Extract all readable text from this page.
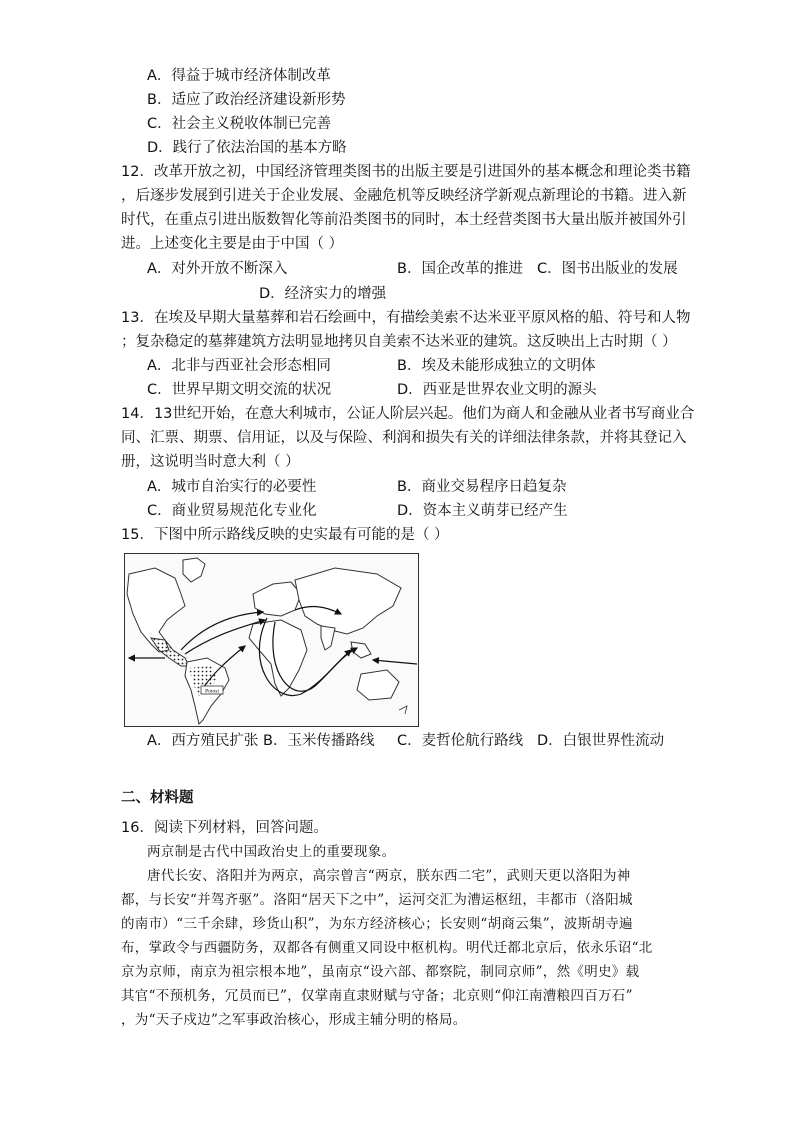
A．得益于城市经济体制改革
B．适应了政治经济建设新形势
C．社会主义税收体制已完善
D．践行了依法治国的基本方略
12．改革开放之初，中国经济管理类图书的出版主要是引进国外的基本概念和理论类书籍
，后逐步发展到引进关于企业发展、金融危机等反映经济学新观点新理论的书籍。进入新
时代，在重点引进出版数智化等前沿类图书的同时，本土经营类图书大量出版并被国外引
进。上述变化主要是由于中国（ ）
A．对外开放不断深入	B．国企改革的推进 C．图书出版业的发展
D．经济实力的增强
13．在埃及早期大量墓葬和岩石绘画中，有描绘美索不达米亚平原风格的船、符号和人物
；复杂稳定的墓葬建筑方法明显地拷贝自美索不达米亚的建筑。这反映出上古时期（ ）
A．北非与西亚社会形态相同	B．埃及未能形成独立的文明体
C．世界早期文明交流的状况	D．西亚是世界农业文明的源头
14．13世纪开始，在意大利城市，公证人阶层兴起。他们为商人和金融从业者书写商业合
同、汇票、期票、信用证，以及与保险、利润和损失有关的详细法律条款，并将其登记入
册，这说明当时意大利（ ）
A．城市自治实行的必要性	B．商业交易程序日趋复杂
C．商业贸易规范化专业化	D．资本主义萌芽已经产生
15．下图中所示路线反映的史实最有可能的是（ ）
Potosí
A．西方殖民扩张 B．玉米传播路线 C．麦哲伦航行路线 D．白银世界性流动
二、材料题
16．阅读下列材料，回答问题。
两京制是古代中国政治史上的重要现象。
唐代长安、洛阳并为两京，高宗曾言“两京，朕东西二宅”，武则天更以洛阳为神
都，与长安“并驾齐驱”。洛阳“居天下之中”，运河交汇为漕运枢纽，丰都市（洛阳城
的南市）“三千余肆，珍货山积”，为东方经济核心；长安则“胡商云集”，波斯胡寺遍
布，掌政令与西疆防务，双都各有侧重又同设中枢机构。明代迁都北京后，依永乐诏“北
京为京师，南京为祖宗根本地”，虽南京“设六部、都察院，制同京师”，然《明史》载
其官“不预机务，冗员而已”，仅掌南直隶财赋与守备；北京则“仰江南漕粮四百万石”
，为“天子戍边”之军事政治核心，形成主辅分明的格局。
